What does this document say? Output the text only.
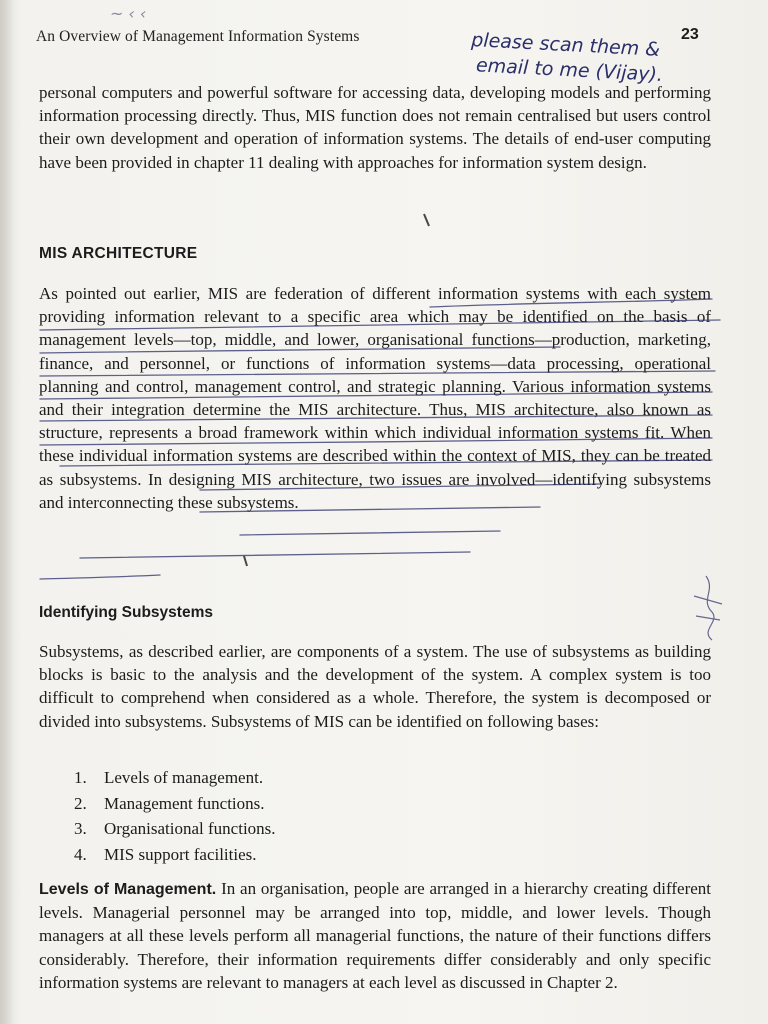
~ ‹ ‹
An Overview of Management Information Systems	23
please scan them &
email to me (Vijay).

personal computers and powerful software for accessing data, developing models and performing information processing directly. Thus, MIS function does not remain centralised but users control their own development and operation of information systems. The details of end-user computing have been provided in chapter 11 dealing with approaches for information system design.

MIS ARCHITECTURE

As pointed out earlier, MIS are federation of different information systems with each system providing information relevant to a specific area which may be identified on the basis of management levels—top, middle, and lower, organisational functions—production, marketing, finance, and personnel, or functions of information systems—data processing, operational planning and control, management control, and strategic planning. Various information systems and their integration determine the MIS architecture. Thus, MIS architecture, also known as structure, represents a broad framework within which individual information systems fit. When these individual information systems are described within the context of MIS, they can be treated as subsystems. In designing MIS architecture, two issues are involved—identifying subsystems and interconnecting these subsystems.

Identifying Subsystems

Subsystems, as described earlier, are components of a system. The use of subsystems as building blocks is basic to the analysis and the development of the system. A complex system is too difficult to comprehend when considered as a whole. Therefore, the system is decomposed or divided into subsystems. Subsystems of MIS can be identified on following bases:

1. Levels of management.
2. Management functions.
3. Organisational functions.
4. MIS support facilities.

Levels of Management. In an organisation, people are arranged in a hierarchy creating different levels. Managerial personnel may be arranged into top, middle, and lower levels. Though managers at all these levels perform all managerial functions, the nature of their functions differs considerably. Therefore, their information requirements differ considerably and only specific information systems are relevant to managers at each level as discussed in Chapter 2.
